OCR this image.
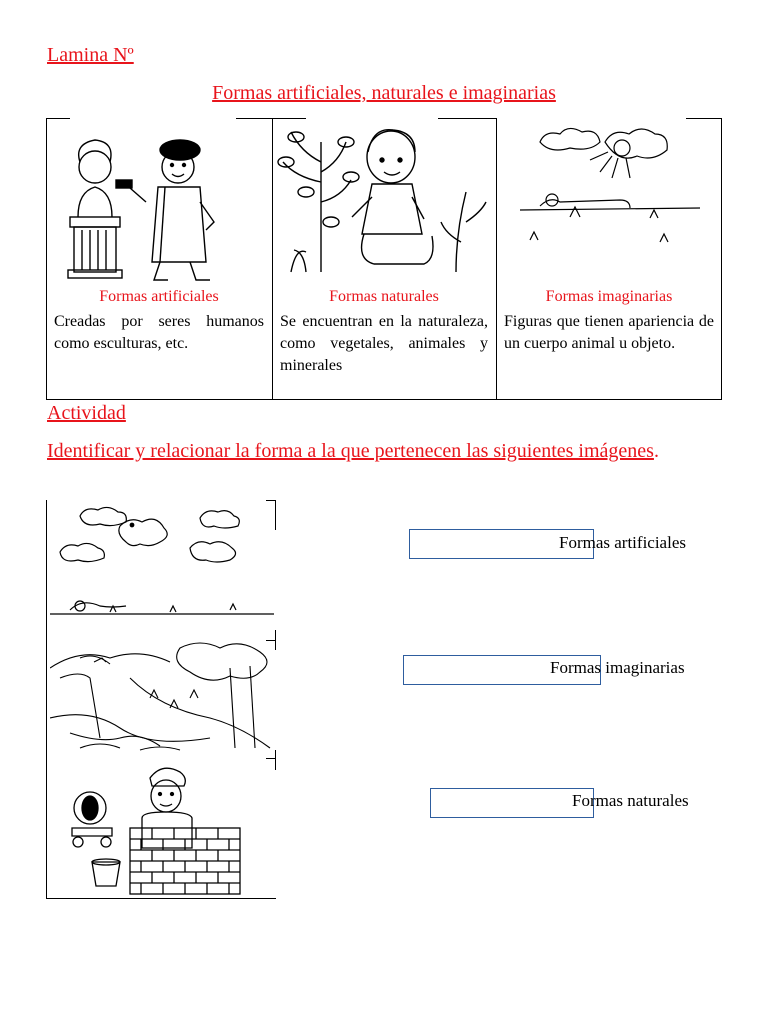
Lamina Nº
Formas artificiales, naturales e imaginarias
Formas artificiales
Creadas por seres humanos como esculturas, etc.
Formas naturales
Se encuentran en la naturaleza, como vegetales, animales y minerales
Formas imaginarias
Figuras que tienen apariencia de un cuerpo animal u objeto.
Actividad
Identificar y relacionar la forma a la que pertenecen las siguientes imágenes.
Formas artificiales
Formas imaginarias
Formas naturales
